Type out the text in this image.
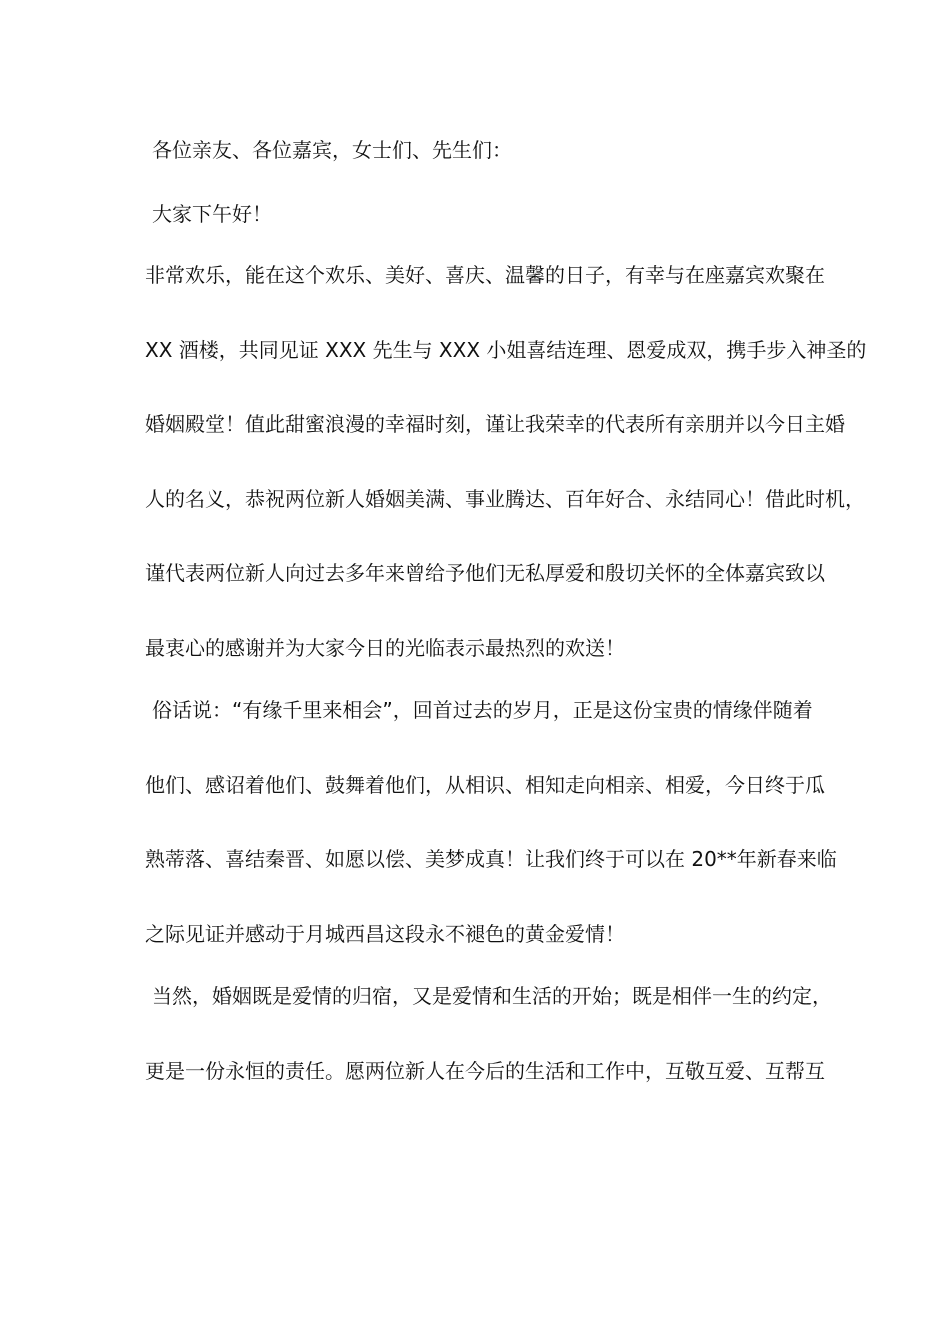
各位亲友、各位嘉宾，女士们、先生们：
大家下午好！
非常欢乐，能在这个欢乐、美好、喜庆、温馨的日子，有幸与在座嘉宾欢聚在
XX 酒楼，共同见证 XXX 先生与 XXX 小姐喜结连理、恩爱成双，携手步入神圣的
婚姻殿堂！值此甜蜜浪漫的幸福时刻，谨让我荣幸的代表所有亲朋并以今日主婚
人的名义，恭祝两位新人婚姻美满、事业腾达、百年好合、永结同心！借此时机，
谨代表两位新人向过去多年来曾给予他们无私厚爱和殷切关怀的全体嘉宾致以
最衷心的感谢并为大家今日的光临表示最热烈的欢送！
俗话说：“有缘千里来相会”，回首过去的岁月，正是这份宝贵的情缘伴随着
他们、感诏着他们、鼓舞着他们，从相识、相知走向相亲、相爱，今日终于瓜
熟蒂落、喜结秦晋、如愿以偿、美梦成真！让我们终于可以在 20**年新春来临
之际见证并感动于月城西昌这段永不褪色的黄金爱情！
当然，婚姻既是爱情的归宿，又是爱情和生活的开始；既是相伴一生的约定，
更是一份永恒的责任。愿两位新人在今后的生活和工作中，互敬互爱、互帮互
